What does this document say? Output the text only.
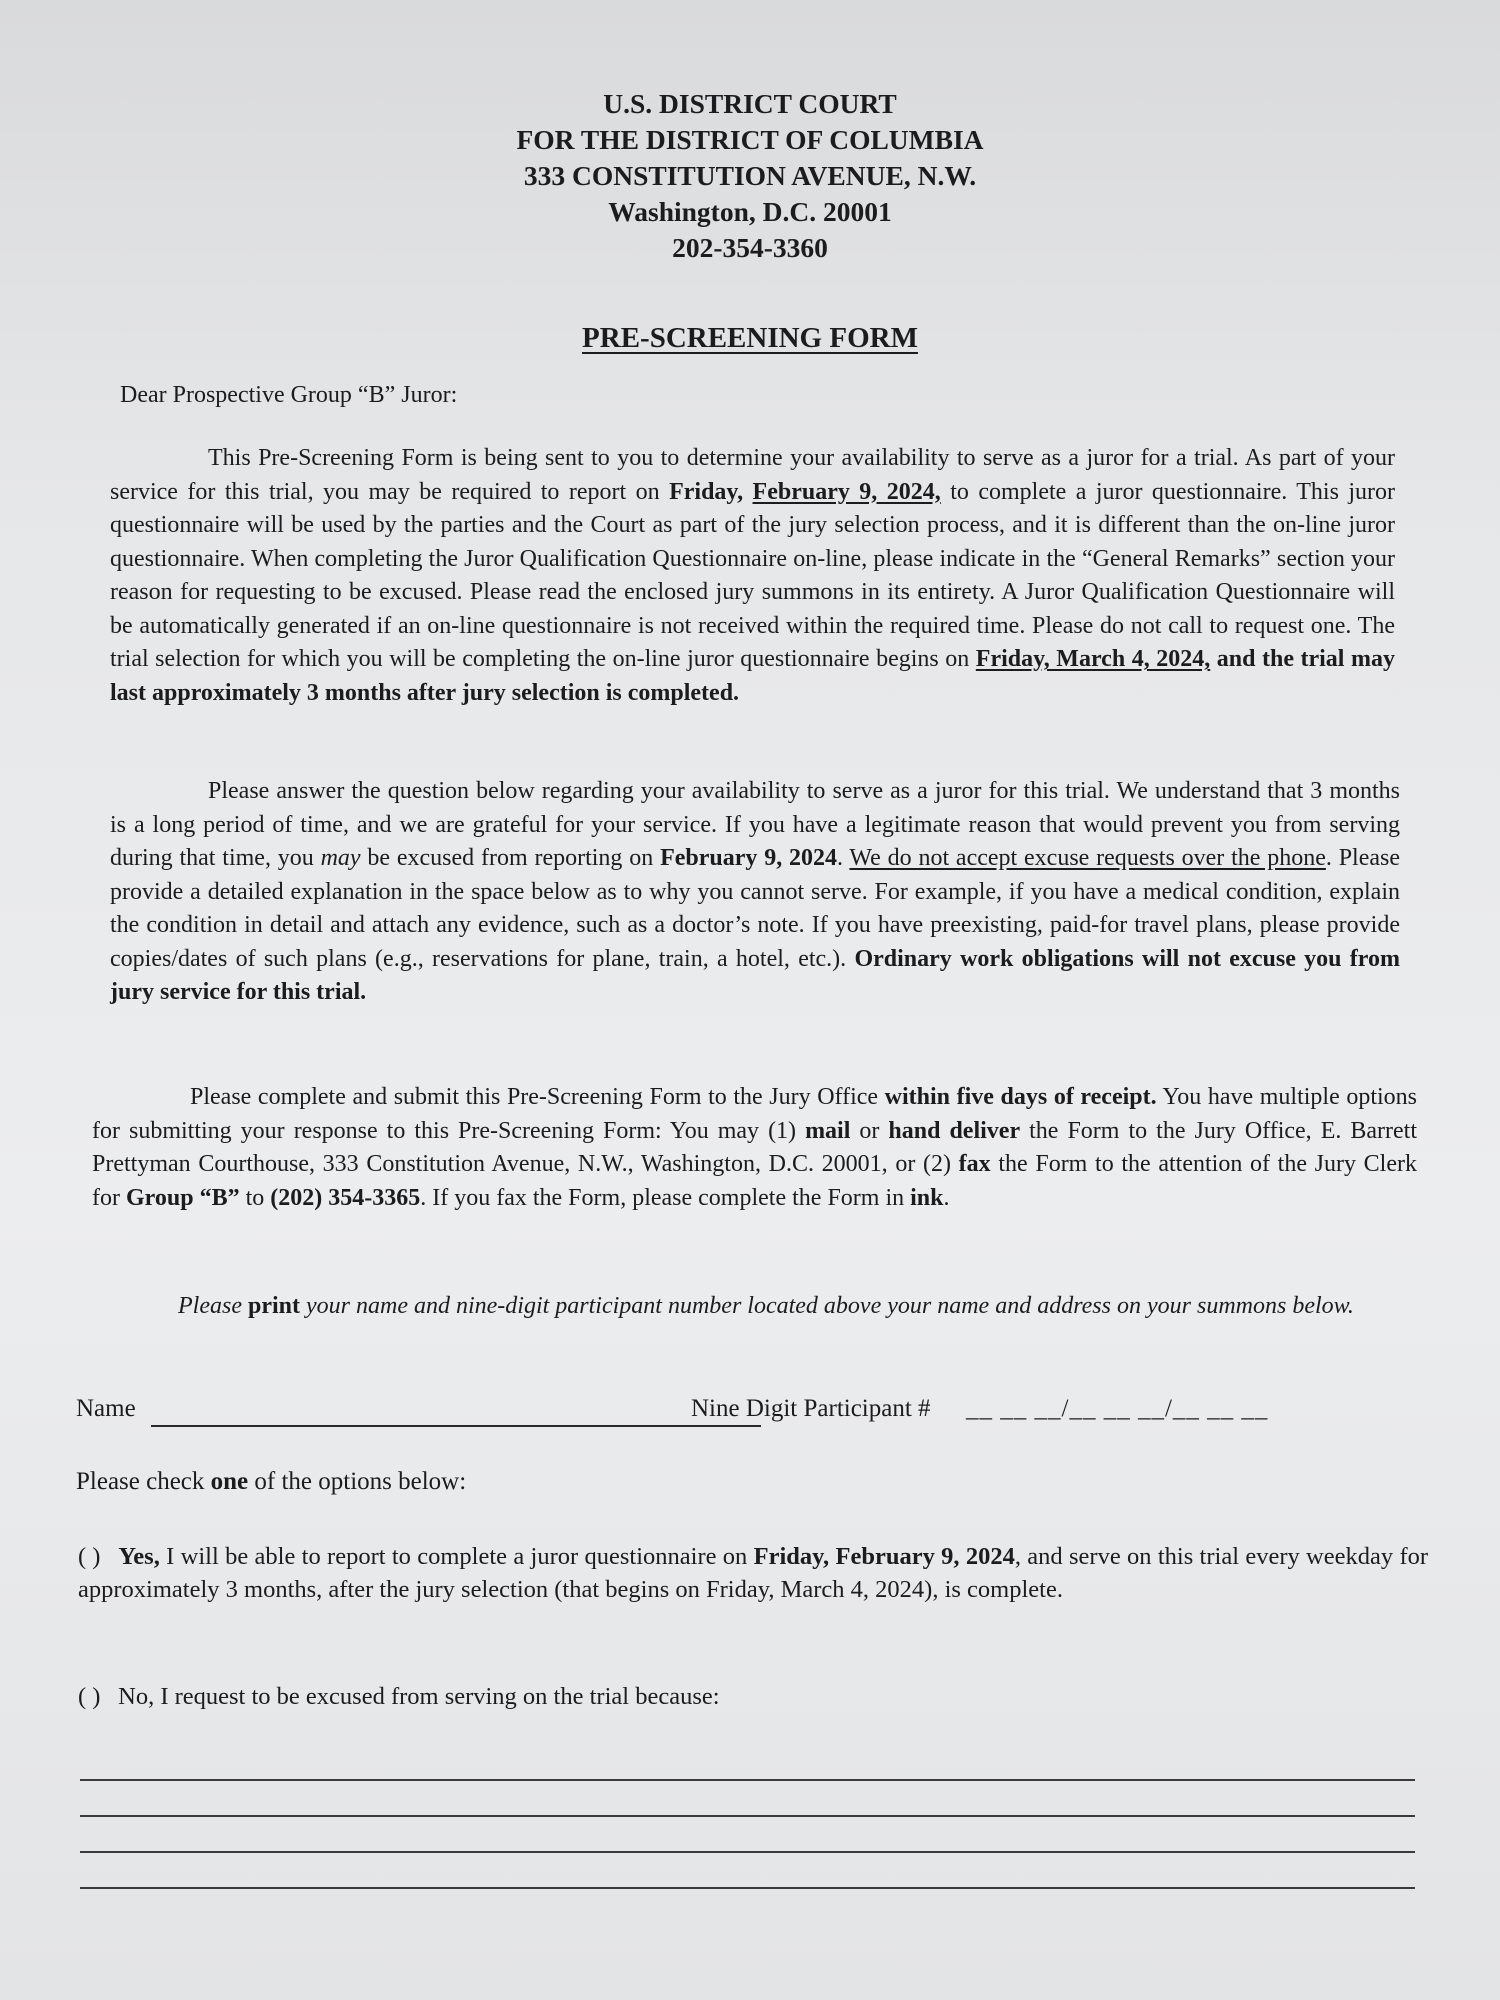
U.S. DISTRICT COURT
FOR THE DISTRICT OF COLUMBIA
333 CONSTITUTION AVENUE, N.W.
Washington, D.C. 20001
202-354-3360
PRE-SCREENING FORM
Dear Prospective Group “B” Juror:

This Pre-Screening Form is being sent to you to determine your availability to serve as a juror for a trial. As part of your service for this trial, you may be required to report on Friday, February 9, 2024, to complete a juror questionnaire. This juror questionnaire will be used by the parties and the Court as part of the jury selection process, and it is different than the on-line juror questionnaire. When completing the Juror Qualification Questionnaire on-line, please indicate in the “General Remarks” section your reason for requesting to be excused. Please read the enclosed jury summons in its entirety. A Juror Qualification Questionnaire will be automatically generated if an on-line questionnaire is not received within the required time. Please do not call to request one. The trial selection for which you will be completing the on-line juror questionnaire begins on Friday, March 4, 2024, and the trial may last approximately 3 months after jury selection is completed.

Please answer the question below regarding your availability to serve as a juror for this trial. We understand that 3 months is a long period of time, and we are grateful for your service. If you have a legitimate reason that would prevent you from serving during that time, you may be excused from reporting on February 9, 2024. We do not accept excuse requests over the phone. Please provide a detailed explanation in the space below as to why you cannot serve. For example, if you have a medical condition, explain the condition in detail and attach any evidence, such as a doctor’s note. If you have preexisting, paid-for travel plans, please provide copies/dates of such plans (e.g., reservations for plane, train, a hotel, etc.). Ordinary work obligations will not excuse you from jury service for this trial.

Please complete and submit this Pre-Screening Form to the Jury Office within five days of receipt. You have multiple options for submitting your response to this Pre-Screening Form: You may (1) mail or hand deliver the Form to the Jury Office, E. Barrett Prettyman Courthouse, 333 Constitution Avenue, N.W., Washington, D.C. 20001, or (2) fax the Form to the attention of the Jury Clerk for Group “B” to (202) 354-3365. If you fax the Form, please complete the Form in ink.

Please print your name and nine-digit participant number located above your name and address on your summons below.

Name	Nine Digit Participant # __ __ __/__ __ __/__ __ __
Please check one of the options below:

( ) Yes, I will be able to report to complete a juror questionnaire on Friday, February 9, 2024, and serve on this trial every weekday for approximately 3 months, after the jury selection (that begins on Friday, March 4, 2024), is complete.

( ) No, I request to be excused from serving on the trial because:
